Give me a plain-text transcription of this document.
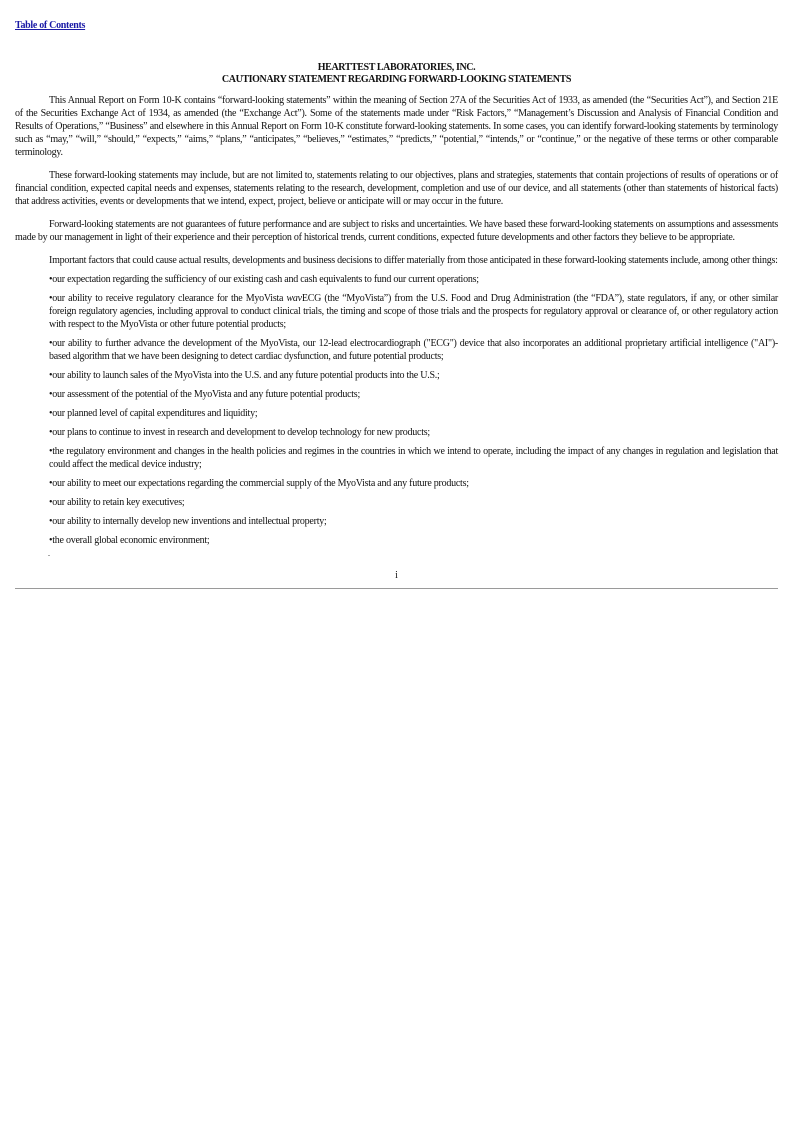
Table of Contents
HEARTTEST LABORATORIES, INC.
CAUTIONARY STATEMENT REGARDING FORWARD-LOOKING STATEMENTS

This Annual Report on Form 10-K contains “forward-looking statements” within the meaning of Section 27A of the Securities Act of 1933, as amended (the “Securities Act”), and Section 21E of the Securities Exchange Act of 1934, as amended (the “Exchange Act”). Some of the statements made under “Risk Factors,” “Management’s Discussion and Analysis of Financial Condition and Results of Operations,” “Business” and elsewhere in this Annual Report on Form 10-K constitute forward-looking statements. In some cases, you can identify forward-looking statements by terminology such as “may,” “will,” “should,” “expects,” “aims,” “plans,” “anticipates,” “believes,” “estimates,” “predicts,” “potential,” “intends,” or “continue,” or the negative of these terms or other comparable terminology.

These forward-looking statements may include, but are not limited to, statements relating to our objectives, plans and strategies, statements that contain projections of results of operations or of financial condition, expected capital needs and expenses, statements relating to the research, development, completion and use of our device, and all statements (other than statements of historical facts) that address activities, events or developments that we intend, expect, project, believe or anticipate will or may occur in the future.

Forward-looking statements are not guarantees of future performance and are subject to risks and uncertainties. We have based these forward-looking statements on assumptions and assessments made by our management in light of their experience and their perception of historical trends, current conditions, expected future developments and other factors they believe to be appropriate.

Important factors that could cause actual results, developments and business decisions to differ materially from those anticipated in these forward-looking statements include, among other things:

•our expectation regarding the sufficiency of our existing cash and cash equivalents to fund our current operations;

•our ability to receive regulatory clearance for the MyoVista wavECG (the “MyoVista”) from the U.S. Food and Drug Administration (the “FDA”), state regulators, if any, or other similar foreign regulatory agencies, including approval to conduct clinical trials, the timing and scope of those trials and the prospects for regulatory approval or clearance of, or other regulatory action with respect to the MyoVista or other future potential products;

•our ability to further advance the development of the MyoVista, our 12-lead electrocardiograph ("ECG") device that also incorporates an additional proprietary artificial intelligence ("AI")-based algorithm that we have been designing to detect cardiac dysfunction, and future potential products;

•our ability to launch sales of the MyoVista into the U.S. and any future potential products into the U.S.;

•our assessment of the potential of the MyoVista and any future potential products;

•our planned level of capital expenditures and liquidity;

•our plans to continue to invest in research and development to develop technology for new products;

•the regulatory environment and changes in the health policies and regimes in the countries in which we intend to operate, including the impact of any changes in regulation and legislation that could affect the medical device industry;

•our ability to meet our expectations regarding the commercial supply of the MyoVista and any future products;

•our ability to retain key executives;

•our ability to internally develop new inventions and intellectual property;

•the overall global economic environment;

.
i
